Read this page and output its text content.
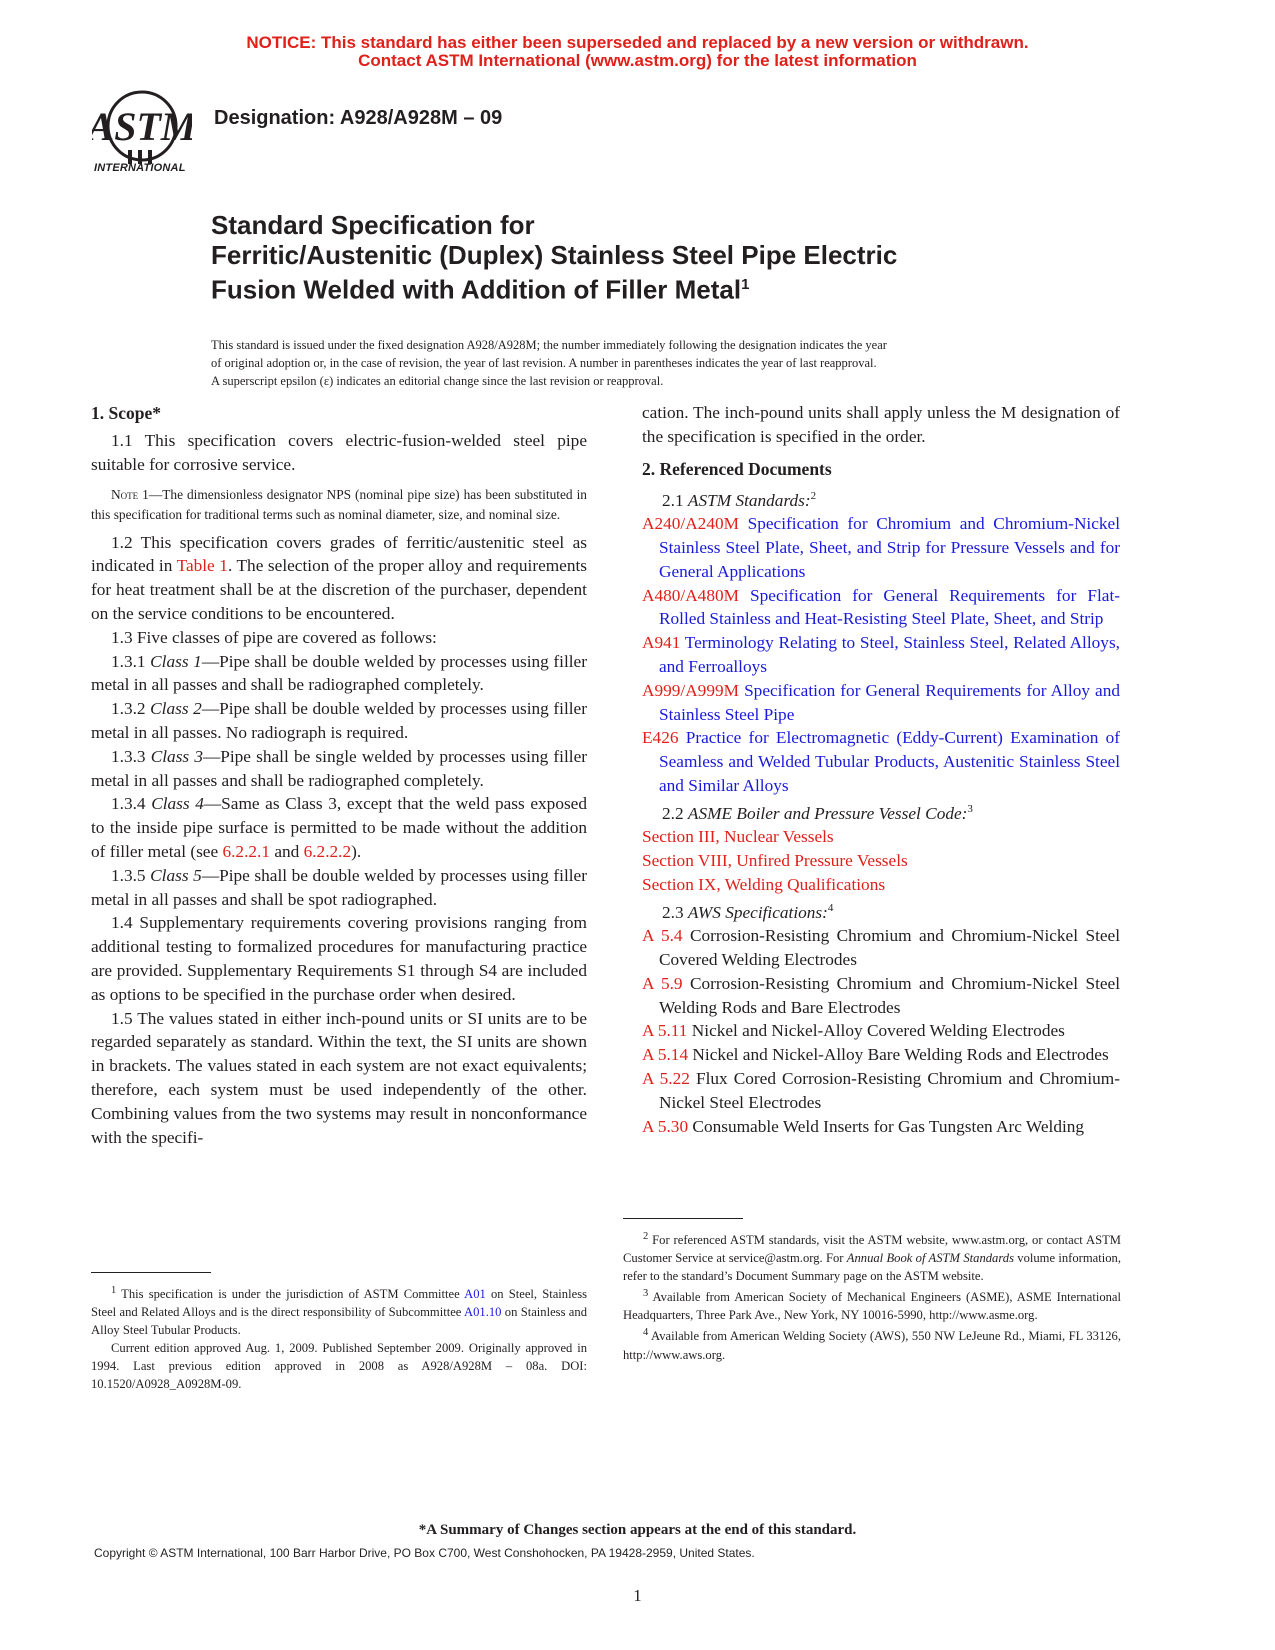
NOTICE: This standard has either been superseded and replaced by a new version or withdrawn.
Contact ASTM International (www.astm.org) for the latest information
ASTM
INTERNATIONAL
Designation: A928/A928M – 09
Standard Specification for
Ferritic/Austenitic (Duplex) Stainless Steel Pipe Electric
Fusion Welded with Addition of Filler Metal$^1$

This standard is issued under the fixed designation A928/A928M; the number immediately following the designation indicates the year

of original adoption or, in the case of revision, the year of last revision. A number in parentheses indicates the year of last reapproval.

A superscript epsilon (ε) indicates an editorial change since the last revision or reapproval.

1. Scope*

1.1 This specification covers electric-fusion-welded steel pipe suitable for corrosive service.

Note 1—The dimensionless designator NPS (nominal pipe size) has been substituted in this specification for traditional terms such as nominal diameter, size, and nominal size.

1.2 This specification covers grades of ferritic/austenitic steel as indicated in Table 1. The selection of the proper alloy and requirements for heat treatment shall be at the discretion of the purchaser, dependent on the service conditions to be encountered.

1.3 Five classes of pipe are covered as follows:

1.3.1 Class 1—Pipe shall be double welded by processes using filler metal in all passes and shall be radiographed completely.

1.3.2 Class 2—Pipe shall be double welded by processes using filler metal in all passes. No radiograph is required.

1.3.3 Class 3—Pipe shall be single welded by processes using filler metal in all passes and shall be radiographed completely.

1.3.4 Class 4—Same as Class 3, except that the weld pass exposed to the inside pipe surface is permitted to be made without the addition of filler metal (see 6.2.2.1 and 6.2.2.2).

1.3.5 Class 5—Pipe shall be double welded by processes using filler metal in all passes and shall be spot radiographed.

1.4 Supplementary requirements covering provisions ranging from additional testing to formalized procedures for manufacturing practice are provided. Supplementary Requirements S1 through S4 are included as options to be specified in the purchase order when desired.

1.5 The values stated in either inch-pound units or SI units are to be regarded separately as standard. Within the text, the SI units are shown in brackets. The values stated in each system are not exact equivalents; therefore, each system must be used independently of the other. Combining values from the two systems may result in nonconformance with the specifi-

$^1$ This specification is under the jurisdiction of ASTM Committee A01 on Steel, Stainless Steel and Related Alloys and is the direct responsibility of Subcommittee A01.10 on Stainless and Alloy Steel Tubular Products.

Current edition approved Aug. 1, 2009. Published September 2009. Originally approved in 1994. Last previous edition approved in 2008 as A928/A928M – 08a. DOI: 10.1520/A0928_A0928M-09.

cation. The inch-pound units shall apply unless the M designation of the specification is specified in the order.

2. Referenced Documents

2.1 ASTM Standards:$^2$

A240/A240M Specification for Chromium and Chromium-Nickel Stainless Steel Plate, Sheet, and Strip for Pressure Vessels and for General Applications

A480/A480M Specification for General Requirements for Flat-Rolled Stainless and Heat-Resisting Steel Plate, Sheet, and Strip

A941 Terminology Relating to Steel, Stainless Steel, Related Alloys, and Ferroalloys

A999/A999M Specification for General Requirements for Alloy and Stainless Steel Pipe

E426 Practice for Electromagnetic (Eddy-Current) Examination of Seamless and Welded Tubular Products, Austenitic Stainless Steel and Similar Alloys

2.2 ASME Boiler and Pressure Vessel Code:$^3$

Section III, Nuclear Vessels

Section VIII, Unfired Pressure Vessels

Section IX, Welding Qualifications

2.3 AWS Specifications:$^4$

A 5.4 Corrosion-Resisting Chromium and Chromium-Nickel Steel Covered Welding Electrodes

A 5.9 Corrosion-Resisting Chromium and Chromium-Nickel Steel Welding Rods and Bare Electrodes

A 5.11 Nickel and Nickel-Alloy Covered Welding Electrodes

A 5.14 Nickel and Nickel-Alloy Bare Welding Rods and Electrodes

A 5.22 Flux Cored Corrosion-Resisting Chromium and Chromium-Nickel Steel Electrodes

A 5.30 Consumable Weld Inserts for Gas Tungsten Arc Welding

$^2$ For referenced ASTM standards, visit the ASTM website, www.astm.org, or contact ASTM Customer Service at service@astm.org. For Annual Book of ASTM Standards volume information, refer to the standard’s Document Summary page on the ASTM website.

$^3$ Available from American Society of Mechanical Engineers (ASME), ASME International Headquarters, Three Park Ave., New York, NY 10016-5990, http://www.asme.org.

$^4$ Available from American Welding Society (AWS), 550 NW LeJeune Rd., Miami, FL 33126, http://www.aws.org.

*A Summary of Changes section appears at the end of this standard.
Copyright © ASTM International, 100 Barr Harbor Drive, PO Box C700, West Conshohocken, PA 19428-2959, United States.
1
